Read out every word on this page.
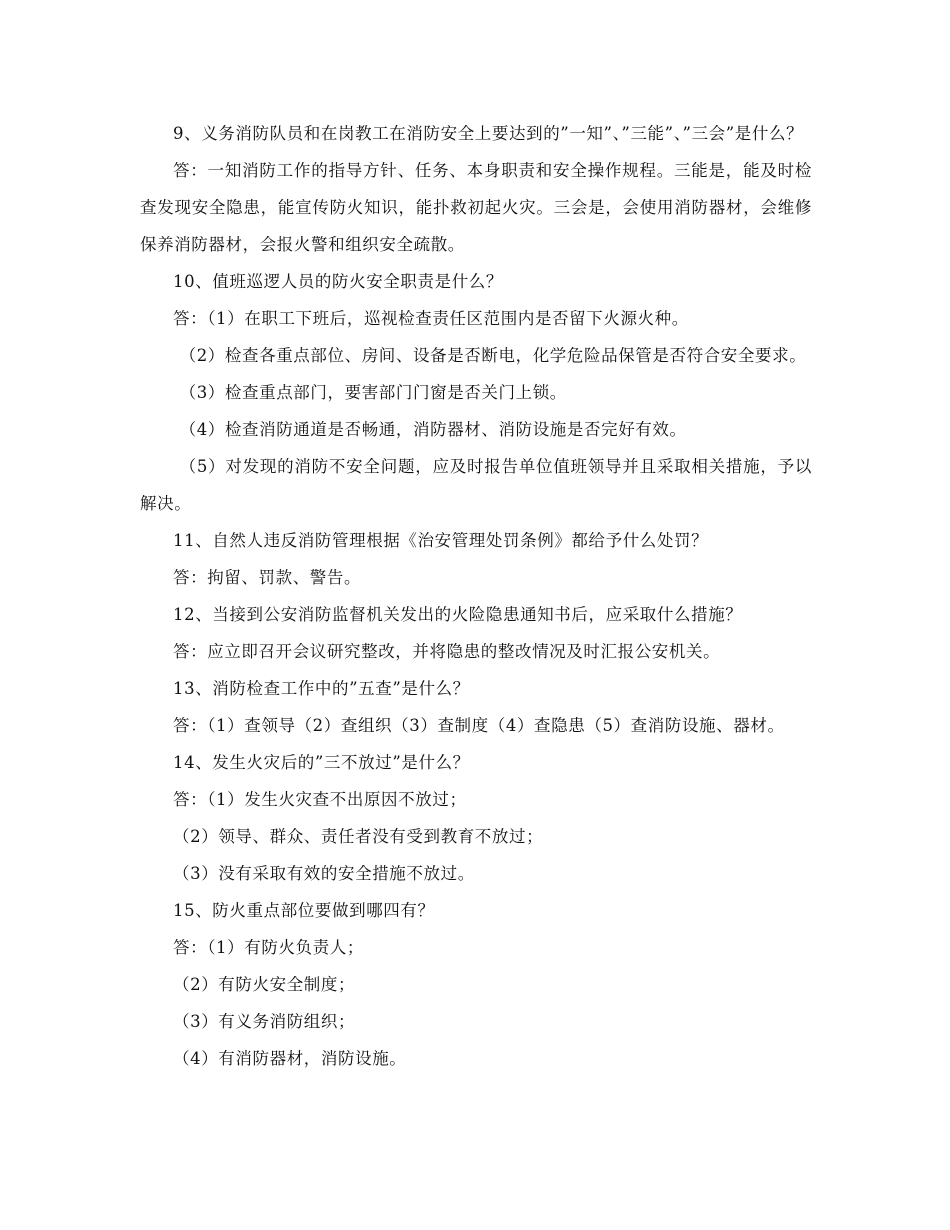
9、义务消防队员和在岗教工在消防安全上要达到的”一知”、”三能”、”三会”是什么？

答：一知消防工作的指导方针、任务、本身职责和安全操作规程。三能是，能及时检查发现安全隐患，能宣传防火知识，能扑救初起火灾。三会是，会使用消防器材，会维修保养消防器材，会报火警和组织安全疏散。

10、值班巡逻人员的防火安全职责是什么？

答：（1）在职工下班后，巡视检查责任区范围内是否留下火源火种。

（2）检查各重点部位、房间、设备是否断电，化学危险品保管是否符合安全要求。

（3）检查重点部门，要害部门门窗是否关门上锁。

（4）检查消防通道是否畅通，消防器材、消防设施是否完好有效。

（5）对发现的消防不安全问题，应及时报告单位值班领导并且采取相关措施，予以解决。

11、自然人违反消防管理根据《治安管理处罚条例》都给予什么处罚？

答：拘留、罚款、警告。

12、当接到公安消防监督机关发出的火险隐患通知书后，应采取什么措施？

答：应立即召开会议研究整改，并将隐患的整改情况及时汇报公安机关。

13、消防检查工作中的”五查”是什么？

答：（1）查领导（2）查组织（3）查制度（4）查隐患（5）查消防设施、器材。

14、发生火灾后的”三不放过”是什么？

答：（1）发生火灾查不出原因不放过；

（2）领导、群众、责任者没有受到教育不放过；

（3）没有采取有效的安全措施不放过。

15、防火重点部位要做到哪四有？

答：（1）有防火负责人；

（2）有防火安全制度；

（3）有义务消防组织；

（4）有消防器材，消防设施。
